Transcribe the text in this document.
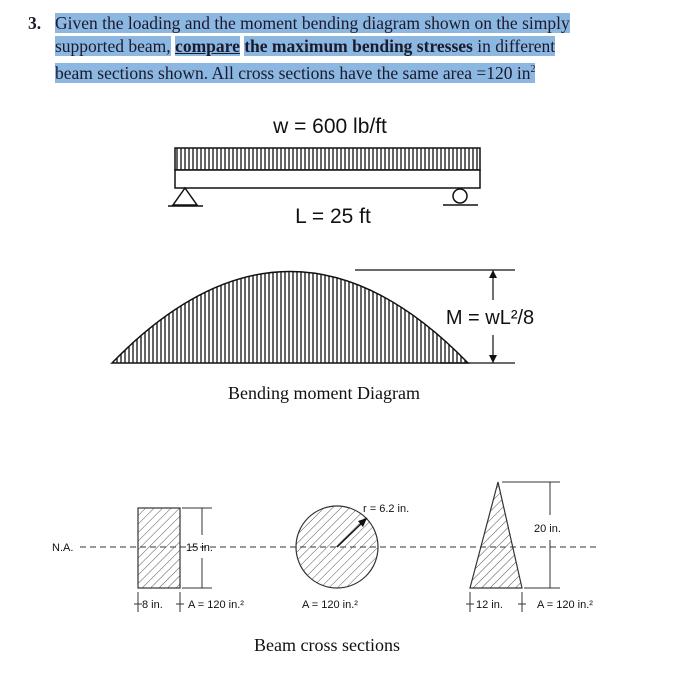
3. Given the loading and the moment bending diagram shown on the simply
supported beam, compare the maximum bending stresses in different
beam sections shown. All cross sections have the same area =120 $in^2$
w = 600 lb/ft
L = 25 ft
M = wL²/8
N.A.	15 in.
8 in. A = 120 in.²
r = 6.2 in.
A = 120 in.²
20 in.
12 in.	A = 120 in.²
Bending moment Diagram
Beam cross sections
